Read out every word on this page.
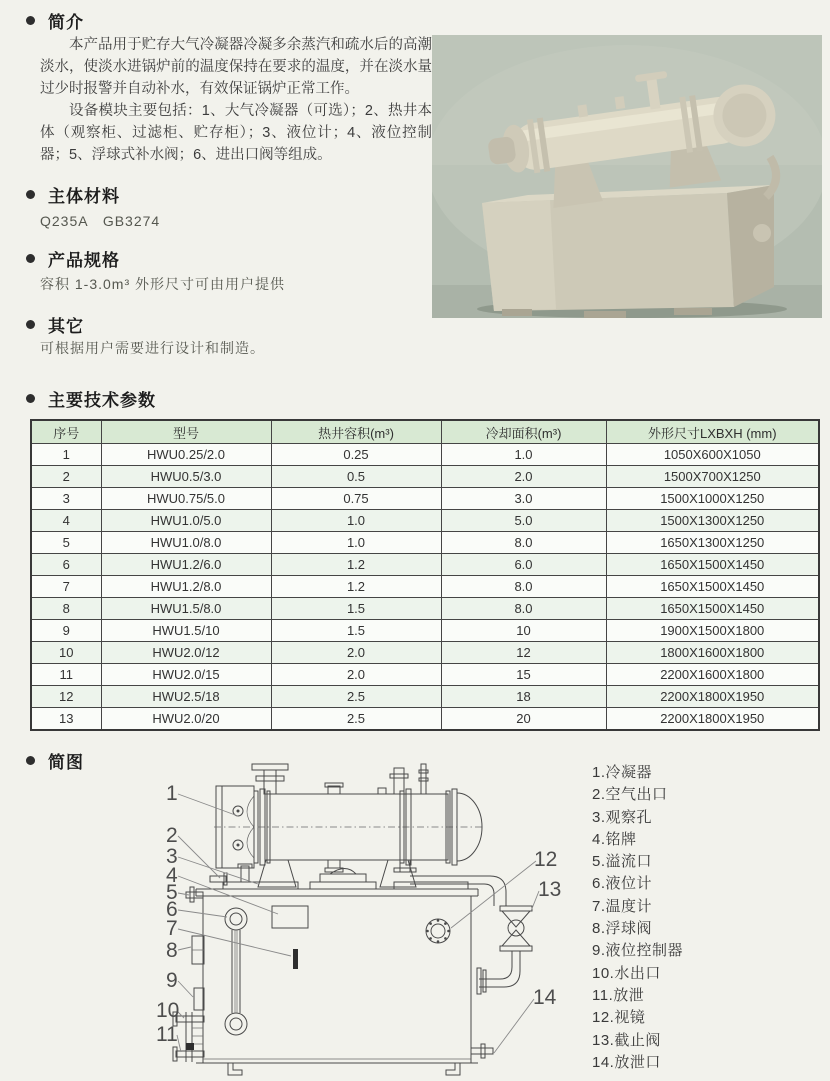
简介

本产品用于贮存大气冷凝器冷凝多余蒸汽和疏水后的高潮淡水，使淡水进锅炉前的温度保持在要求的温度，并在淡水量过少时报警并自动补水，有效保证锅炉正常工作。

设备模块主要包括：1、大气冷凝器（可选）；2、热井本体（观察柜、过滤柜、贮存柜）；3、液位计；4、液位控制器；5、浮球式补水阀；6、进出口阀等组成。

主体材料
Q235A　GB3274
产品规格
容积 1-3.0m³ 外形尺寸可由用户提供
其它
可根据用户需要进行设计和制造。
主要技术参数
序号	型号	热井容积(m³)	冷却面积(m³)	外形尺寸LXBXH (mm)
1	HWU0.25/2.0	0.25	1.0	1050X600X1050
2	HWU0.5/3.0	0.5	2.0	1500X700X1250
3	HWU0.75/5.0	0.75	3.0	1500X1000X1250
4	HWU1.0/5.0	1.0	5.0	1500X1300X1250
5	HWU1.0/8.0	1.0	8.0	1650X1300X1250
6	HWU1.2/6.0	1.2	6.0	1650X1500X1450
7	HWU1.2/8.0	1.2	8.0	1650X1500X1450
8	HWU1.5/8.0	1.5	8.0	1650X1500X1450
9	HWU1.5/10	1.5	10	1900X1500X1800
10	HWU2.0/12	2.0	12	1800X1600X1800
11	HWU2.0/15	2.0	15	2200X1600X1800
12	HWU2.5/18	2.5	18	2200X1800X1950
13	HWU2.0/20	2.5	20	2200X1800X1950
简图
1
2
3
4
5
6
7
8
9
10
11
12
13
14
1.冷凝器
2.空气出口
3.观察孔
4.铭牌
5.溢流口
6.液位计
7.温度计
8.浮球阀
9.液位控制器
10.水出口
11.放泄
12.视镜
13.截止阀
14.放泄口
